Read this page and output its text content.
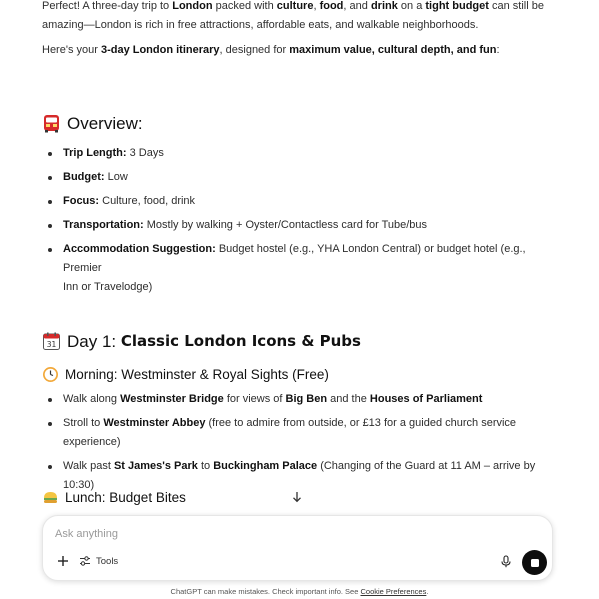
Perfect! A three-day trip to London packed with culture, food, and drink on a tight budget can still be

amazing—London is rich in free attractions, affordable eats, and walkable neighborhoods.

Here's your 3-day London itinerary, designed for maximum value, cultural depth, and fun:

Overview:
Trip Length: 3 Days
Budget: Low
Focus: Culture, food, drink
Transportation: Mostly by walking + Oyster/Contactless card for Tube/bus
Accommodation Suggestion: Budget hostel (e.g., YHA London Central) or budget hotel (e.g., Premier
Inn or Travelodge)
31 Day 1: Classic London Icons & Pubs
Morning: Westminster & Royal Sights (Free)
Walk along Westminster Bridge for views of Big Ben and the Houses of Parliament
Stroll to Westminster Abbey (free to admire from outside, or £13 for a guided church service
experience)
Walk past St James's Park to Buckingham Palace (Changing of the Guard at 11 AM – arrive by 10:30)
Lunch: Budget Bites
Ask anything
Tools
ChatGPT can make mistakes. Check important info. See Cookie Preferences.
